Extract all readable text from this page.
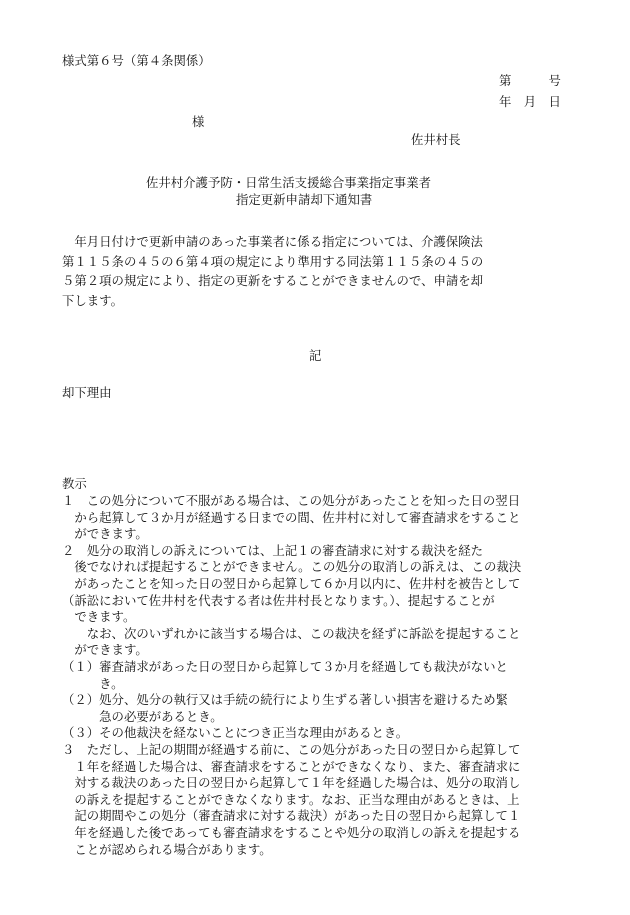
様式第６号（第４条関係）
第　　　号
年　月　日
様
佐井村長
佐井村介護予防・日常生活支援総合事業指定事業者
指定更新申請却下通知書
　年月日付けで更新申請のあった事業者に係る指定については、介護保険法
第１１５条の４５の６第４項の規定により準用する同法第１１５条の４５の
５第２項の規定により、指定の更新をすることができませんので、申請を却
下します。
記
却下理由
教示
１　この処分について不服がある場合は、この処分があったことを知った日の翌日
　から起算して３か月が経過する日までの間、佐井村に対して審査請求をすること
　ができます。
２　処分の取消しの訴えについては、上記１の審査請求に対する裁決を経た
　後でなければ提起することができません。この処分の取消しの訴えは、この裁決
　があったことを知った日の翌日から起算して６か月以内に、佐井村を被告として
（訴訟において佐井村を代表する者は佐井村長となります。）、提起することが
　できます。
　　なお、次のいずれかに該当する場合は、この裁決を経ずに訴訟を提起すること
　ができます。
（１）審査請求があった日の翌日から起算して３か月を経過しても裁決がないと
　　　き。
（２）処分、処分の執行又は手続の続行により生ずる著しい損害を避けるため緊
　　　急の必要があるとき。
（３）その他裁決を経ないことにつき正当な理由があるとき。
３　ただし、上記の期間が経過する前に、この処分があった日の翌日から起算して
　１年を経過した場合は、審査請求をすることができなくなり、また、審査請求に
　対する裁決のあった日の翌日から起算して１年を経過した場合は、処分の取消し
　の訴えを提起することができなくなります。なお、正当な理由があるときは、上
　記の期間やこの処分（審査請求に対する裁決）があった日の翌日から起算して１
　年を経過した後であっても審査請求をすることや処分の取消しの訴えを提起する
　ことが認められる場合があります。
